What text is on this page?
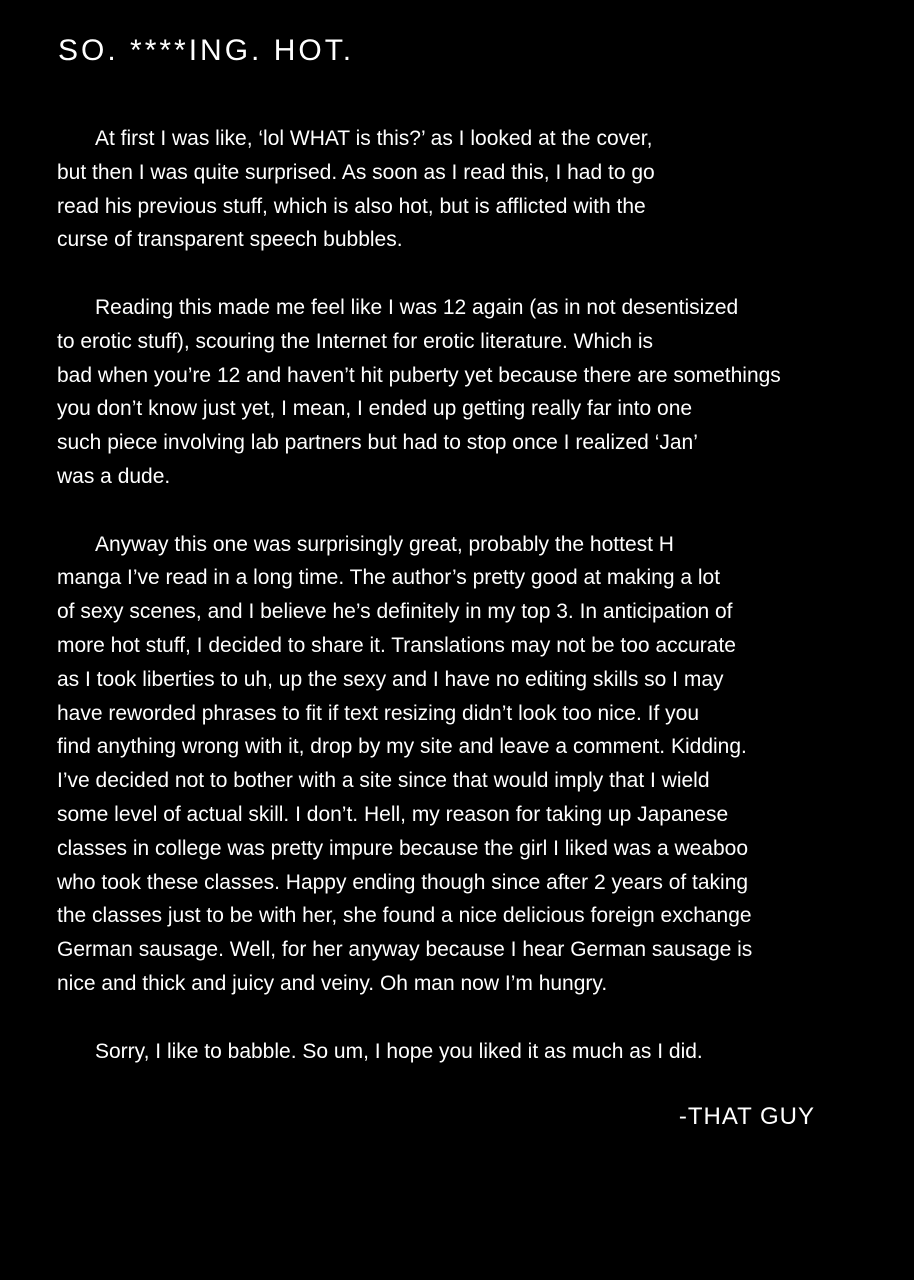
SO. ****ING. HOT.
At first I was like, ‘lol WHAT is this?’ as I looked at the cover,
but then I was quite surprised. As soon as I read this, I had to go
read his previous stuff, which is also hot, but is afflicted with the
curse of transparent speech bubbles.
Reading this made me feel like I was 12 again (as in not desentisized
to erotic stuff), scouring the Internet for erotic literature. Which is
bad when you’re 12 and haven’t hit puberty yet because there are somethings
you don’t know just yet, I mean, I ended up getting really far into one
such piece involving lab partners but had to stop once I realized ‘Jan’
was a dude.
Anyway this one was surprisingly great, probably the hottest H
manga I’ve read in a long time. The author’s pretty good at making a lot
of sexy scenes, and I believe he’s definitely in my top 3. In anticipation of
more hot stuff, I decided to share it. Translations may not be too accurate
as I took liberties to uh, up the sexy and I have no editing skills so I may
have reworded phrases to fit if text resizing didn’t look too nice. If you
find anything wrong with it, drop by my site and leave a comment. Kidding.
I’ve decided not to bother with a site since that would imply that I wield
some level of actual skill. I don’t. Hell, my reason for taking up Japanese
classes in college was pretty impure because the girl I liked was a weaboo
who took these classes. Happy ending though since after 2 years of taking
the classes just to be with her, she found a nice delicious foreign exchange
German sausage. Well, for her anyway because I hear German sausage is
nice and thick and juicy and veiny. Oh man now I’m hungry.
Sorry, I like to babble. So um, I hope you liked it as much as I did.
-THAT GUY
